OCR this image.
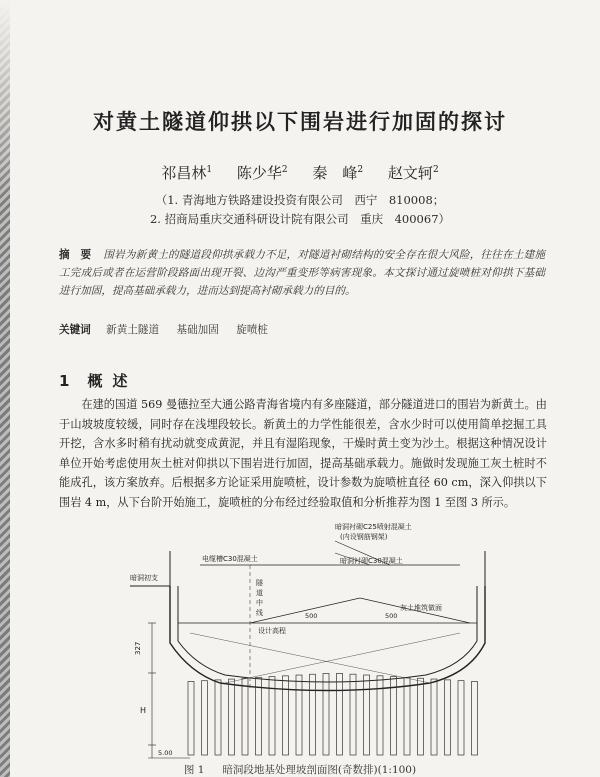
对黄土隧道仰拱以下围岩进行加固的探讨
祁昌林$^1$ 陈少华$^2$ 秦　峰$^2$ 赵文轲$^2$
（1. 青海地方铁路建设投资有限公司　西宁　810008；
2. 招商局重庆交通科研设计院有限公司　重庆　400067）
摘　要 围岩为新黄土的隧道段仰拱承载力不足，对隧道衬砌结构的安全存在很大风险，往往在土建施工完成后或者在运营阶段路面出现开裂、边沟严重变形等病害现象。本文探讨通过旋喷桩对仰拱下基础进行加固，提高基础承载力，进而达到提高衬砌承载力的目的。
关键词 新黄土隧道 基础加固 旋喷桩
1 概述
在建的国道 569 曼德拉至大通公路青海省境内有多座隧道，部分隧道进口的围岩为新黄土。由于山坡坡度较缓，同时存在浅埋段较长。新黄土的力学性能很差，含水少时可以使用简单挖掘工具开挖，含水多时稍有扰动就变成黄泥，并且有湿陷现象，干燥时黄土变为沙土。根据这种情况设计单位开始考虑使用灰土桩对仰拱以下围岩进行加固，提高基础承载力。施做时发现施工灰土桩时不能成孔，该方案放弃。后根据多方论证采用旋喷桩，设计参数为旋喷桩直径 60 cm，深入仰拱以下围岩 4 m，从下台阶开始施工，旋喷桩的分布经过经验取值和分析推荐为图 1 至图 3 所示。
暗洞衬砌C25喷射混凝土
(内设钢筋钢架)
电缆槽C30混凝土	暗洞衬砌C30混凝土
暗洞初支
灰土堆筑做面
隧
道
中
线
设计高程
500	500
327
H
5.00
图 1 暗洞段地基处理坡剖面图(奇数排)(1:100)
